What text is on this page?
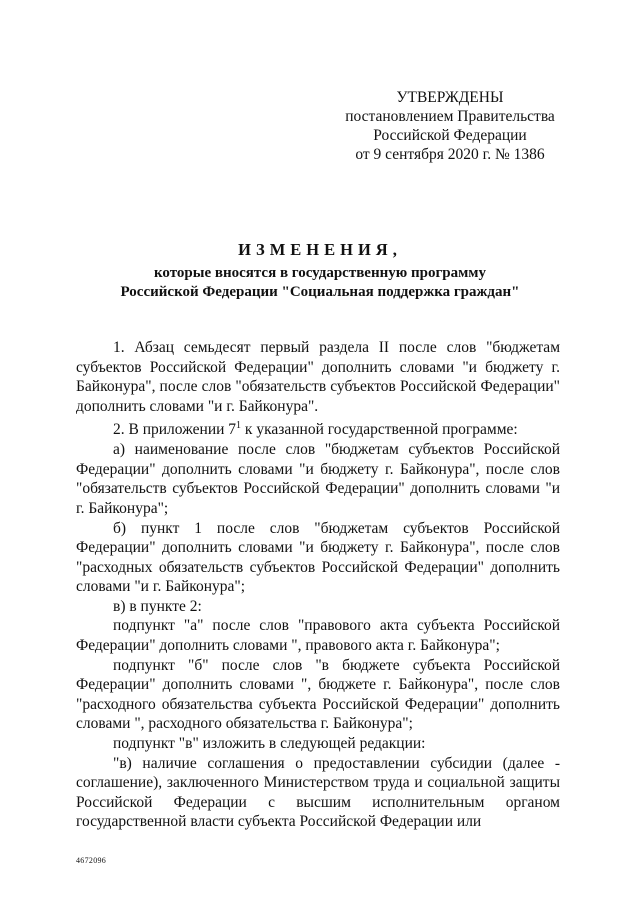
УТВЕРЖДЕНЫ
постановлением Правительства
Российской Федерации
от 9 сентября 2020 г. № 1386
ИЗМЕНЕНИЯ,
которые вносятся в государственную программу
Российской Федерации "Социальная поддержка граждан"

1. Абзац семьдесят первый раздела II после слов "бюджетам субъектов Российской Федерации" дополнить словами "и бюджету г. Байконура", после слов "обязательств субъектов Российской Федерации" дополнить словами "и г. Байконура".

2. В приложении $7^1$ к указанной государственной программе:

а) наименование после слов "бюджетам субъектов Российской Федерации" дополнить словами "и бюджету г. Байконура", после слов "обязательств субъектов Российской Федерации" дополнить словами "и г. Байконура";

б) пункт 1 после слов "бюджетам субъектов Российской Федерации" дополнить словами "и бюджету г. Байконура", после слов "расходных обязательств субъектов Российской Федерации" дополнить словами "и г. Байконура";

в) в пункте 2:

подпункт "а" после слов "правового акта субъекта Российской Федерации" дополнить словами ", правового акта г. Байконура";

подпункт "б" после слов "в бюджете субъекта Российской Федерации" дополнить словами ", бюджете г. Байконура", после слов "расходного обязательства субъекта Российской Федерации" дополнить словами ", расходного обязательства г. Байконура";

подпункт "в" изложить в следующей редакции:

"в) наличие соглашения о предоставлении субсидии (далее - соглашение), заключенного Министерством труда и социальной защиты Российской Федерации с высшим исполнительным органом государственной власти субъекта Российской Федерации или

4672096
